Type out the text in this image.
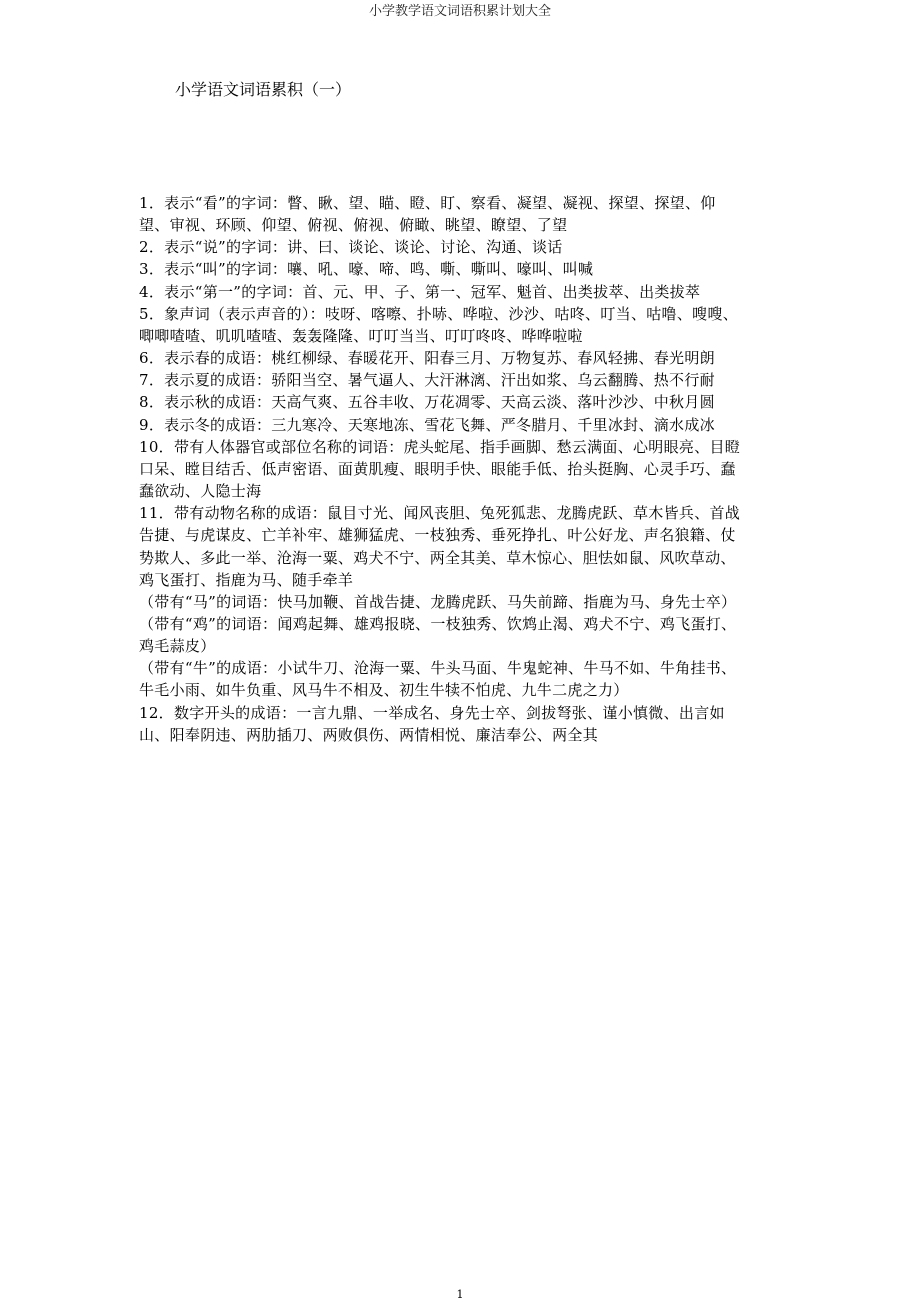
小学教学语文词语积累计划大全
小学语文词语累积（一）

1．表示“看”的字词：瞥、瞅、望、瞄、瞪、盯、察看、凝望、凝视、探望、探望、仰望、审视、环顾、仰望、俯视、俯视、俯瞰、眺望、瞭望、了望

2．表示“说”的字词：讲、曰、谈论、谈论、讨论、沟通、谈话

3．表示“叫”的字词：嚷、吼、嚎、啼、鸣、嘶、嘶叫、嚎叫、叫喊

4．表示“第一”的字词：首、元、甲、子、第一、冠军、魁首、出类拔萃、出类拔萃

5．象声词（表示声音的）：吱呀、喀嚓、扑哧、哗啦、沙沙、咕咚、叮当、咕噜、嗖嗖、唧唧喳喳、叽叽喳喳、轰轰隆隆、叮叮当当、叮叮咚咚、哗哗啦啦

6．表示春的成语：桃红柳绿、春暖花开、阳春三月、万物复苏、春风轻拂、春光明朗

7．表示夏的成语：骄阳当空、暑气逼人、大汗淋漓、汗出如浆、乌云翻腾、热不行耐

8．表示秋的成语：天高气爽、五谷丰收、万花凋零、天高云淡、落叶沙沙、中秋月圆

9．表示冬的成语：三九寒冷、天寒地冻、雪花飞舞、严冬腊月、千里冰封、滴水成冰

10．带有人体器官或部位名称的词语：虎头蛇尾、指手画脚、愁云满面、心明眼亮、目瞪口呆、瞠目结舌、低声密语、面黄肌瘦、眼明手快、眼能手低、抬头挺胸、心灵手巧、蠢蠢欲动、人隐士海

11．带有动物名称的成语：鼠目寸光、闻风丧胆、兔死狐悲、龙腾虎跃、草木皆兵、首战告捷、与虎谋皮、亡羊补牢、雄狮猛虎、一枝独秀、垂死挣扎、叶公好龙、声名狼籍、仗势欺人、多此一举、沧海一粟、鸡犬不宁、两全其美、草木惊心、胆怯如鼠、风吹草动、鸡飞蛋打、指鹿为马、随手牵羊

（带有“马”的词语：快马加鞭、首战告捷、龙腾虎跃、马失前蹄、指鹿为马、身先士卒）

（带有“鸡”的词语：闻鸡起舞、雄鸡报晓、一枝独秀、饮鸩止渴、鸡犬不宁、鸡飞蛋打、鸡毛蒜皮）

（带有“牛”的成语：小试牛刀、沧海一粟、牛头马面、牛鬼蛇神、牛马不如、牛角挂书、牛毛小雨、如牛负重、风马牛不相及、初生牛犊不怕虎、九牛二虎之力）

12．数字开头的成语：一言九鼎、一举成名、身先士卒、剑拔弩张、谨小慎微、出言如山、阳奉阴违、两肋插刀、两败俱伤、两情相悦、廉洁奉公、两全其

1
